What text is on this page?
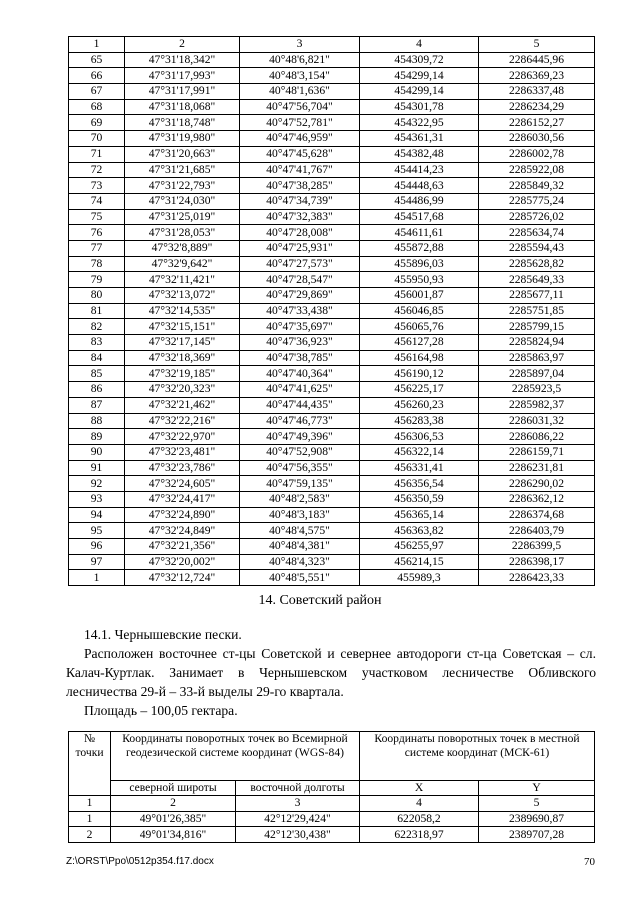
1	2	3	4	5
65	47°31'18,342"	40°48'6,821"	454309,72	2286445,96
66	47°31'17,993"	40°48'3,154"	454299,14	2286369,23
67	47°31'17,991"	40°48'1,636"	454299,14	2286337,48
68	47°31'18,068"	40°47'56,704"	454301,78	2286234,29
69	47°31'18,748"	40°47'52,781"	454322,95	2286152,27
70	47°31'19,980"	40°47'46,959"	454361,31	2286030,56
71	47°31'20,663"	40°47'45,628"	454382,48	2286002,78
72	47°31'21,685"	40°47'41,767"	454414,23	2285922,08
73	47°31'22,793"	40°47'38,285"	454448,63	2285849,32
74	47°31'24,030"	40°47'34,739"	454486,99	2285775,24
75	47°31'25,019"	40°47'32,383"	454517,68	2285726,02
76	47°31'28,053"	40°47'28,008"	454611,61	2285634,74
77	47°32'8,889"	40°47'25,931"	455872,88	2285594,43
78	47°32'9,642"	40°47'27,573"	455896,03	2285628,82
79	47°32'11,421"	40°47'28,547"	455950,93	2285649,33
80	47°32'13,072"	40°47'29,869"	456001,87	2285677,11
81	47°32'14,535"	40°47'33,438"	456046,85	2285751,85
82	47°32'15,151"	40°47'35,697"	456065,76	2285799,15
83	47°32'17,145"	40°47'36,923"	456127,28	2285824,94
84	47°32'18,369"	40°47'38,785"	456164,98	2285863,97
85	47°32'19,185"	40°47'40,364"	456190,12	2285897,04
86	47°32'20,323"	40°47'41,625"	456225,17	2285923,5
87	47°32'21,462"	40°47'44,435"	456260,23	2285982,37
88	47°32'22,216"	40°47'46,773"	456283,38	2286031,32
89	47°32'22,970"	40°47'49,396"	456306,53	2286086,22
90	47°32'23,481"	40°47'52,908"	456322,14	2286159,71
91	47°32'23,786"	40°47'56,355"	456331,41	2286231,81
92	47°32'24,605"	40°47'59,135"	456356,54	2286290,02
93	47°32'24,417"	40°48'2,583"	456350,59	2286362,12
94	47°32'24,890"	40°48'3,183"	456365,14	2286374,68
95	47°32'24,849"	40°48'4,575"	456363,82	2286403,79
96	47°32'21,356"	40°48'4,381"	456255,97	2286399,5
97	47°32'20,002"	40°48'4,323"	456214,15	2286398,17
1	47°32'12,724"	40°48'5,551"	455989,3	2286423,33
14. Советский район
14.1. Чернышевские пески.
Расположен восточнее ст-цы Советской и севернее автодороги ст-ца Советская – сл. Калач-Куртлак. Занимает в Чернышевском участковом лесничестве Обливского лесничества 29-й – 33-й выделы 29-го квартала.
Площадь – 100,05 гектара.
№ точки	Координаты поворотных точек во Всемирной геодезической системе координат (WGS-84)		Координаты поворотных точек в местной системе координат (МСК-61)	
	северной широты	восточной долготы	X	Y
1	2	3	4	5
1	49°01'26,385"	42°12'29,424"	622058,2	2389690,87
2	49°01'34,816"	42°12'30,438"	622318,97	2389707,28
Z:\ORST\Ppo\0512p354.f17.docx	70
